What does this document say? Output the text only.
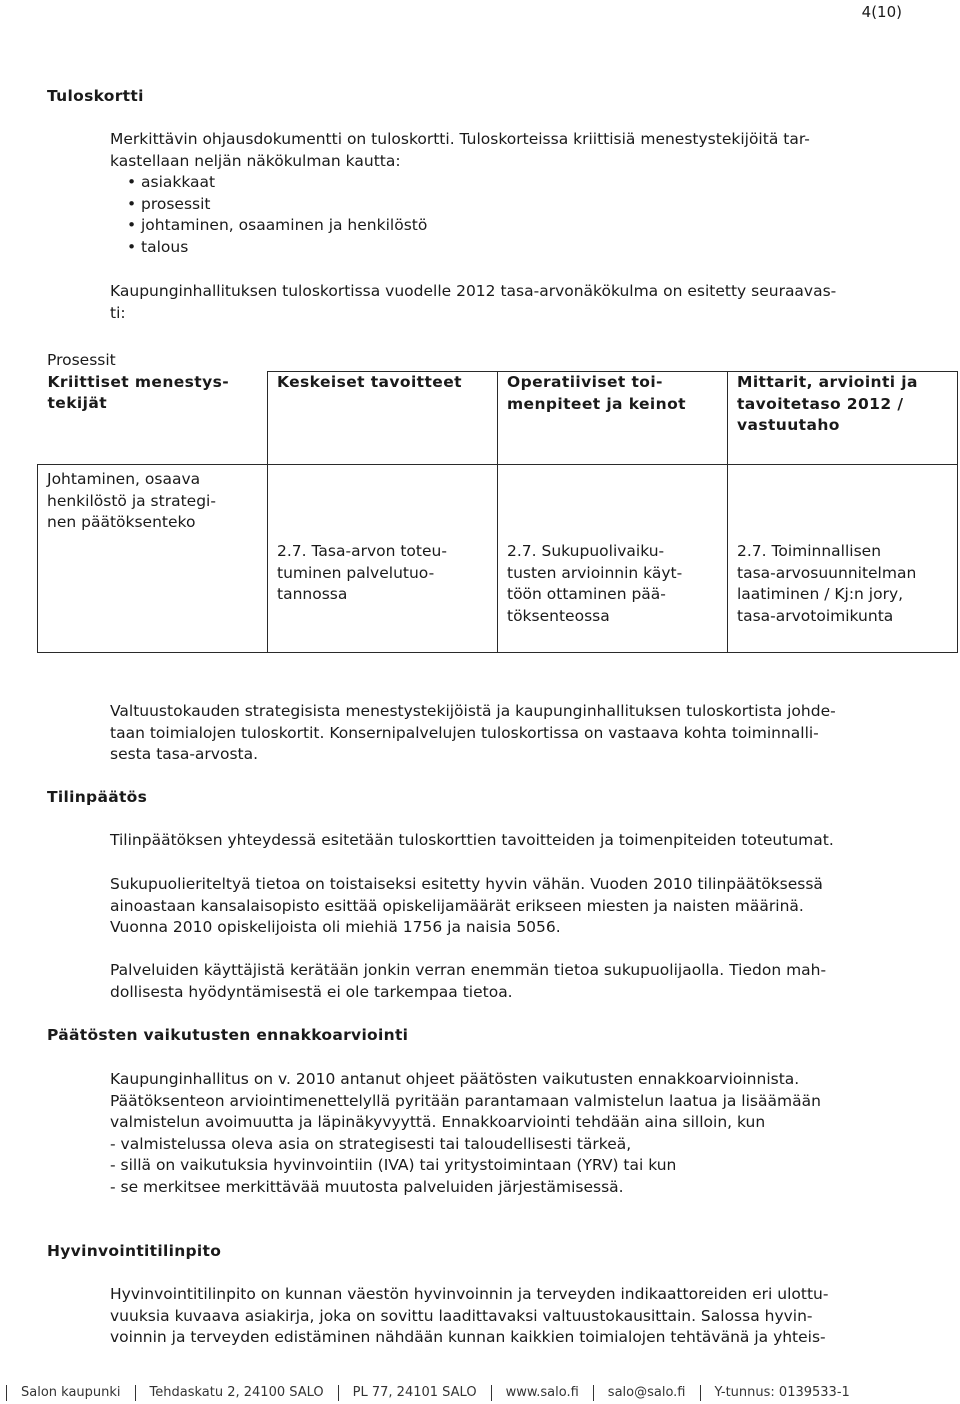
4(10)
Tuloskortti
Merkittävin ohjausdokumentti on tuloskortti. Tuloskorteissa kriittisiä menestystekijöitä tar-
kastellaan neljän näkökulman kautta:
• asiakkaat
• prosessit
• johtaminen, osaaminen ja henkilöstö
• talous
Kaupunginhallituksen tuloskortissa vuodelle 2012 tasa-arvonäkökulma on esitetty seuraavas-
ti:
Prosessit
Kriittiset menestys-
tekijät	Keskeiset tavoitteet	Operatiiviset toi-
menpiteet ja keinot	Mittarit, arviointi ja
tavoitetaso 2012 /
vastuutaho

Johtaminen, osaava
henkilöstö ja strategi-
nen päätöksenteko	2.7. Tasa-arvon toteu-
tuminen palvelutuo-
tannossa	2.7. Sukupuolivaiku-
tusten arvioinnin käyt-
töön ottaminen pää-
töksenteossa	2.7. Toiminnallisen
tasa-arvosuunnitelman
laatiminen / Kj:n jory,
tasa-arvotoimikunta
Valtuustokauden strategisista menestystekijöistä ja kaupunginhallituksen tuloskortista johde-
taan toimialojen tuloskortit. Konsernipalvelujen tuloskortissa on vastaava kohta toiminnalli-
sesta tasa-arvosta.
Tilinpäätös
Tilinpäätöksen yhteydessä esitetään tuloskorttien tavoitteiden ja toimenpiteiden toteutumat.
Sukupuolieriteltyä tietoa on toistaiseksi esitetty hyvin vähän. Vuoden 2010 tilinpäätöksessä
ainoastaan kansalaisopisto esittää opiskelijamäärät erikseen miesten ja naisten määrinä.
Vuonna 2010 opiskelijoista oli miehiä 1756 ja naisia 5056.
Palveluiden käyttäjistä kerätään jonkin verran enemmän tietoa sukupuolijaolla. Tiedon mah-
dollisesta hyödyntämisestä ei ole tarkempaa tietoa.
Päätösten vaikutusten ennakkoarviointi
Kaupunginhallitus on v. 2010 antanut ohjeet päätösten vaikutusten ennakkoarvioinnista.
Päätöksenteon arviointimenettelyllä pyritään parantamaan valmistelun laatua ja lisäämään
valmistelun avoimuutta ja läpinäkyvyyttä. Ennakkoarviointi tehdään aina silloin, kun
- valmistelussa oleva asia on strategisesti tai taloudellisesti tärkeä,
- sillä on vaikutuksia hyvinvointiin (IVA) tai yritystoimintaan (YRV) tai kun
- se merkitsee merkittävää muutosta palveluiden järjestämisessä.
Hyvinvointitilinpito
Hyvinvointitilinpito on kunnan väestön hyvinvoinnin ja terveyden indikaattoreiden eri ulottu-
vuuksia kuvaava asiakirja, joka on sovittu laadittavaksi valtuustokausittain. Salossa hyvin-
voinnin ja terveyden edistäminen nähdään kunnan kaikkien toimialojen tehtävänä ja yhteis-
Salon kaupunki	Tehdaskatu 2, 24100 SALO	PL 77, 24101 SALO	www.salo.fi	salo@salo.fi	Y-tunnus: 0139533-1
